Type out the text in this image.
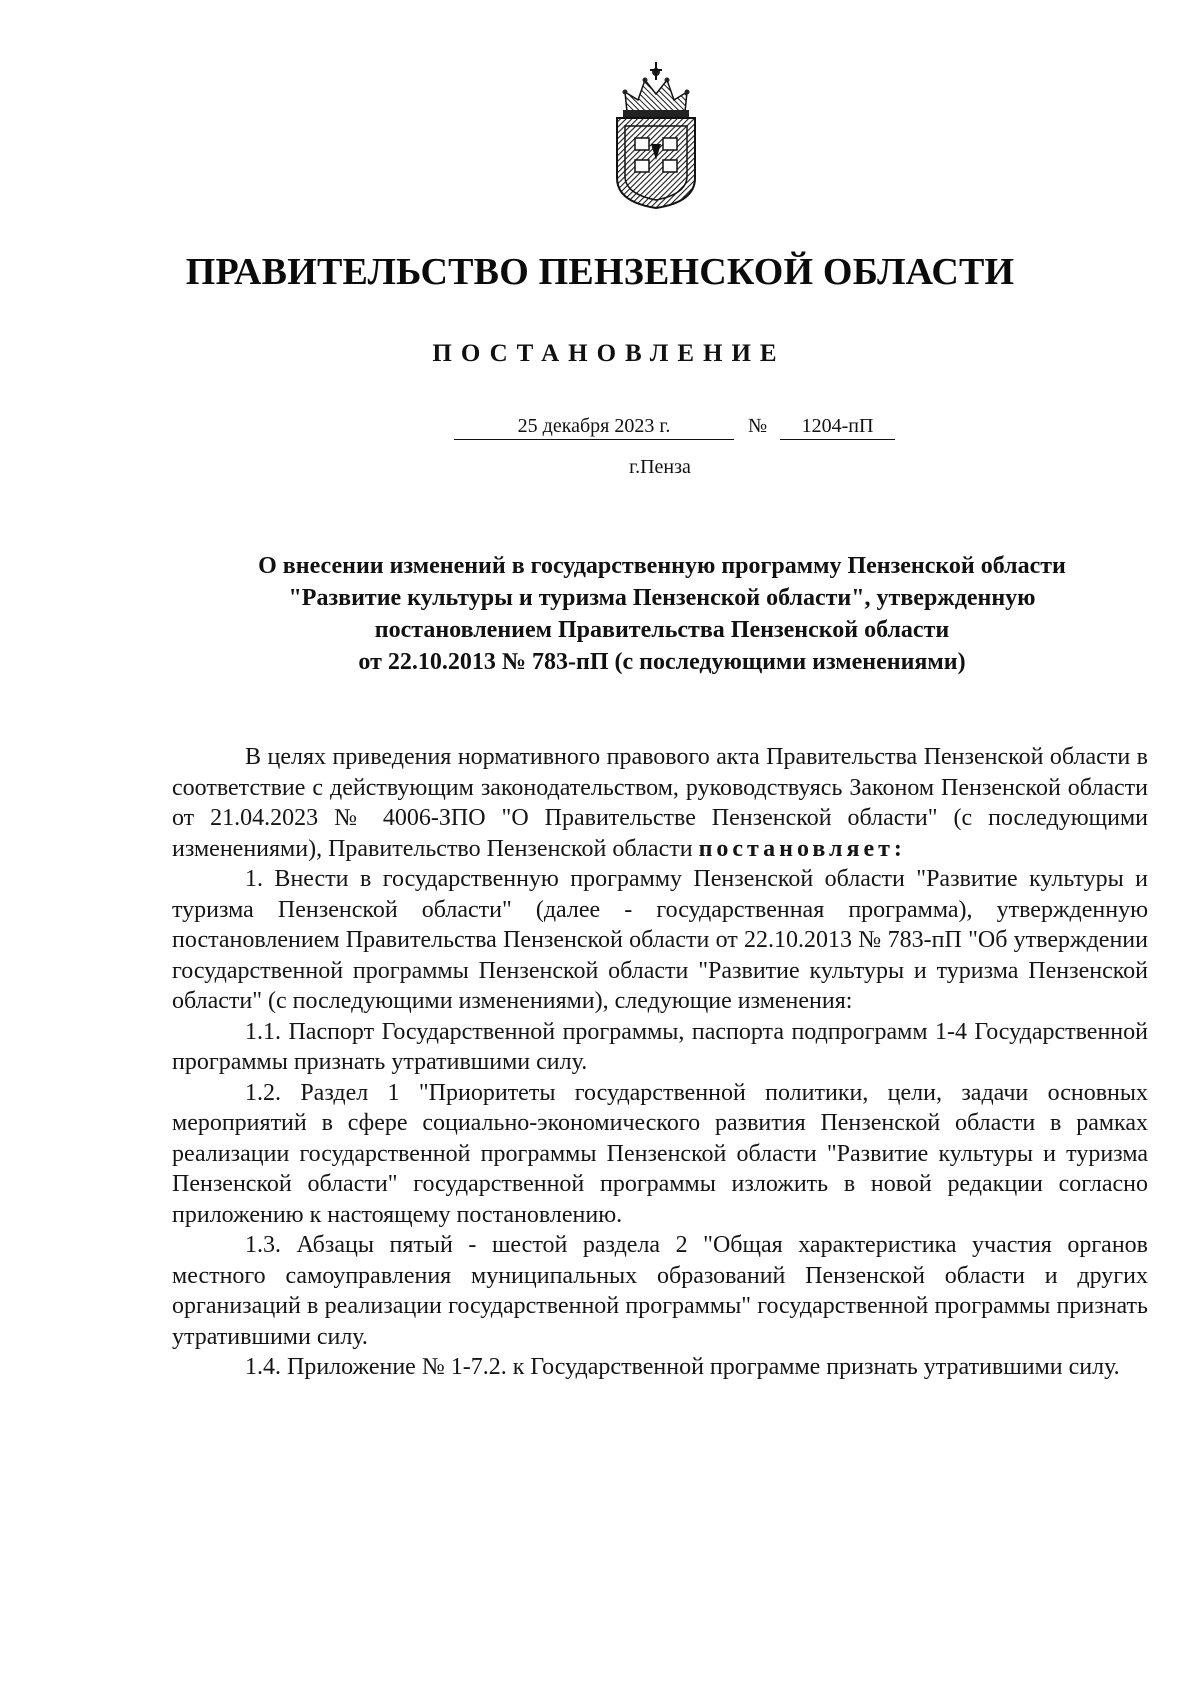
ПРАВИТЕЛЬСТВО ПЕНЗЕНСКОЙ ОБЛАСТИ
ПОСТАНОВЛЕНИЕ
25 декабря 2023 г.	№	1204-пП
г.Пенза
О внесении изменений в государственную программу Пензенской области
"Развитие культуры и туризма Пензенской области", утвержденную
постановлением Правительства Пензенской области
от 22.10.2013 № 783-пП (с последующими изменениями)

В целях приведения нормативного правового акта Правительства Пензенской области в соответствие с действующим законодательством, руководствуясь Законом Пензенской области от 21.04.2023 № 4006-ЗПО "О Правительстве Пензенской области" (с последующими изменениями), Правительство Пензенской области постановляет:

1. Внести в государственную программу Пензенской области "Развитие культуры и туризма Пензенской области" (далее - государственная программа), утвержденную постановлением Правительства Пензенской области от 22.10.2013 № 783-пП "Об утверждении государственной программы Пензенской области "Развитие культуры и туризма Пензенской области" (с последующими изменениями), следующие изменения:

1.1. Паспорт Государственной программы, паспорта подпрограмм 1-4 Государственной программы признать утратившими силу.

1.2. Раздел 1 "Приоритеты государственной политики, цели, задачи основных мероприятий в сфере социально-экономического развития Пензенской области в рамках реализации государственной программы Пензенской области "Развитие культуры и туризма Пензенской области" государственной программы изложить в новой редакции согласно приложению к настоящему постановлению.

1.3. Абзацы пятый - шестой раздела 2 "Общая характеристика участия органов местного самоуправления муниципальных образований Пензенской области и других организаций в реализации государственной программы" государственной программы признать утратившими силу.

1.4. Приложение № 1-7.2. к Государственной программе признать утратившими силу.
